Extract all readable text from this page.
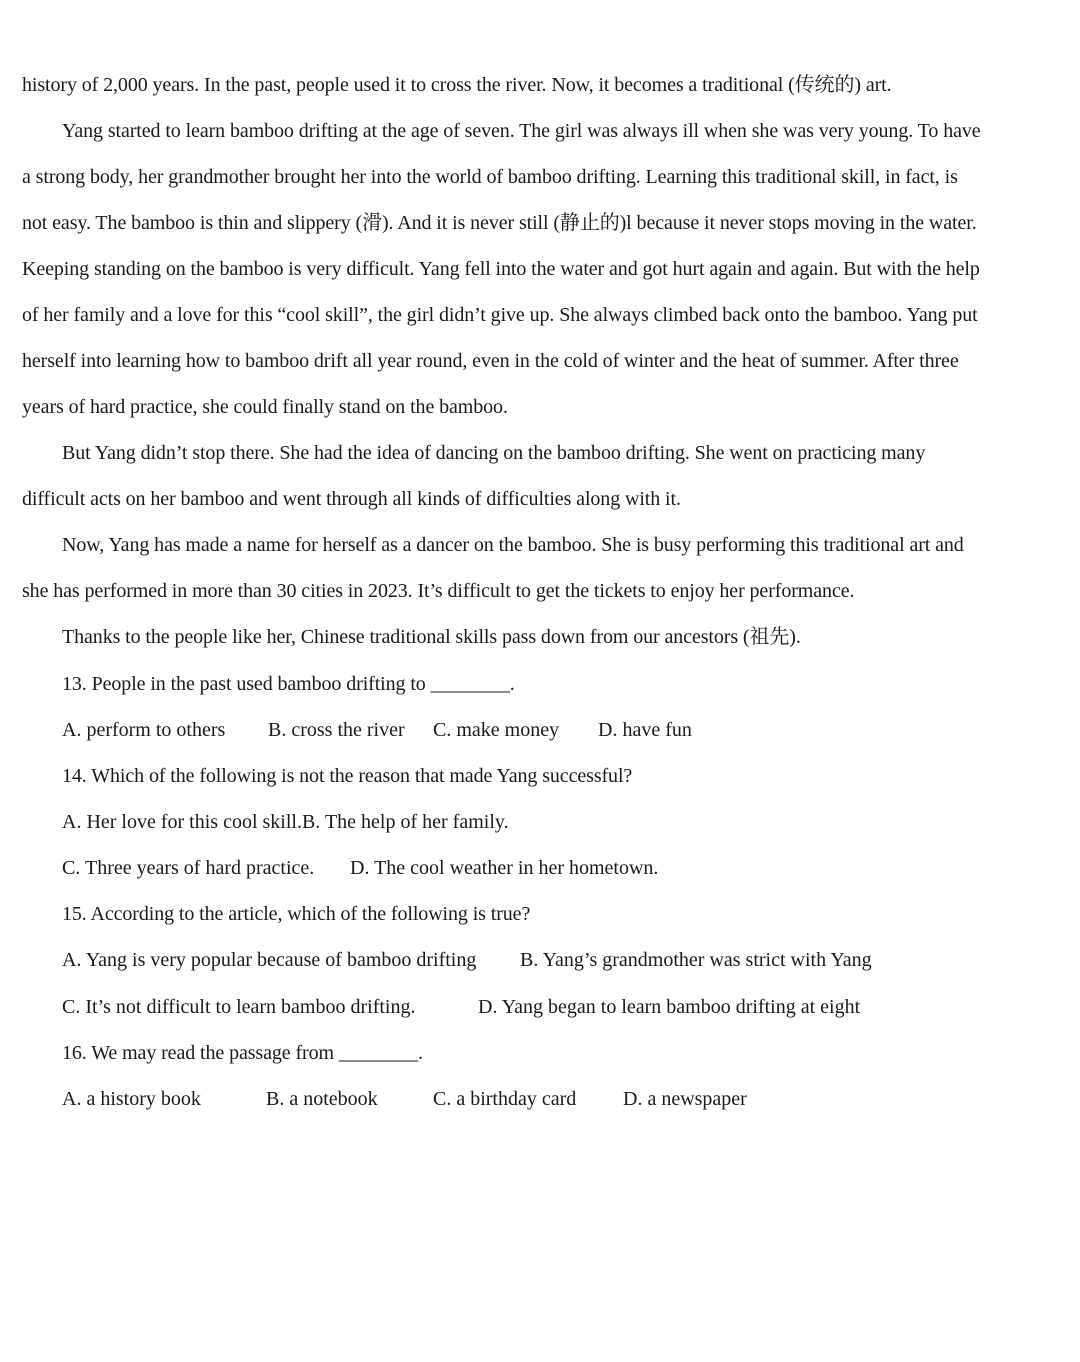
history of 2,000 years. In the past, people used it to cross the river. Now, it becomes a traditional (传统的) art.
Yang started to learn bamboo drifting at the age of seven. The girl was always ill when she was very young. To have
a strong body, her grandmother brought her into the world of bamboo drifting. Learning this traditional skill, in fact, is
not easy. The bamboo is thin and slippery (滑). And it is never still (静止的)l because it never stops moving in the water.
Keeping standing on the bamboo is very difficult. Yang fell into the water and got hurt again and again. But with the help
of her family and a love for this “cool skill”, the girl didn’t give up. She always climbed back onto the bamboo. Yang put
herself into learning how to bamboo drift all year round, even in the cold of winter and the heat of summer. After three
years of hard practice, she could finally stand on the bamboo.
But Yang didn’t stop there. She had the idea of dancing on the bamboo drifting. She went on practicing many
difficult acts on her bamboo and went through all kinds of difficulties along with it.
Now, Yang has made a name for herself as a dancer on the bamboo. She is busy performing this traditional art and
she has performed in more than 30 cities in 2023. It’s difficult to get the tickets to enjoy her performance.
Thanks to the people like her, Chinese traditional skills pass down from our ancestors (祖先).
13. People in the past used bamboo drifting to ________.
A. perform to others B. cross the river C. make money D. have fun
14. Which of the following is not the reason that made Yang successful?
A. Her love for this cool skill.B. The help of her family.
C. Three years of hard practice. D. The cool weather in her hometown.
15. According to the article, which of the following is true?
A. Yang is very popular because of bamboo drifting B. Yang’s grandmother was strict with Yang
C. It’s not difficult to learn bamboo drifting.	D. Yang began to learn bamboo drifting at eight
16. We may read the passage from ________.
A. a history book	B. a notebook	C. a birthday card D. a newspaper
